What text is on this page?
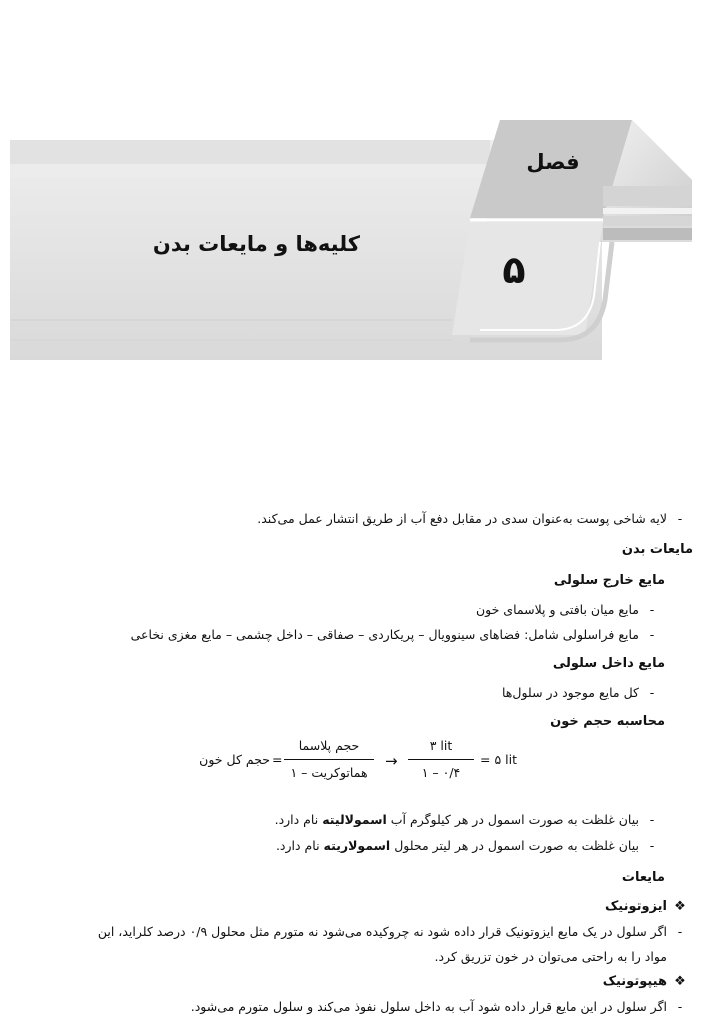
فصل
۵
کلیه‌ها و مایعات بدن
-لایه شاخی پوست به‌عنوان سدی در مقابل دفع آب از طریق انتشار عمل می‌کند.
مایعات بدن
مایع خارج سلولی
-مایع میان بافتی و پلاسمای خون
-مایع فراسلولی شامل: فضاهای سینوویال – پریکاردی – صفاقی – داخل چشمی – مایع مغزی نخاعی
مایع داخل سلولی
-کل مایع موجود در سلول‌ها
محاسبه حجم خون
-بیان غلظت به صورت اسمول در هر کیلوگرم آب اسمولالیته نام دارد.
-بیان غلظت به صورت اسمول در هر لیتر محلول اسمولاریته نام دارد.
مایعات
❖ایزوتونیک
-اگر سلول در یک مایع ایزوتونیک قرار داده شود نه چروکیده می‌شود نه متورم مثل محلول ۰/۹ درصد کلراید، این
مواد را به راحتی می‌توان در خون تزریق کرد.
❖هیپوتونیک
-اگر سلول در این مایع قرار داده شود آب به داخل سلول نفوذ می‌کند و سلول متورم می‌شود.
= ۵ lit
۳ lit
۱ – ۰/۴
→
حجم پلاسما
هماتوکریت – ۱
=
حجم کل خون
